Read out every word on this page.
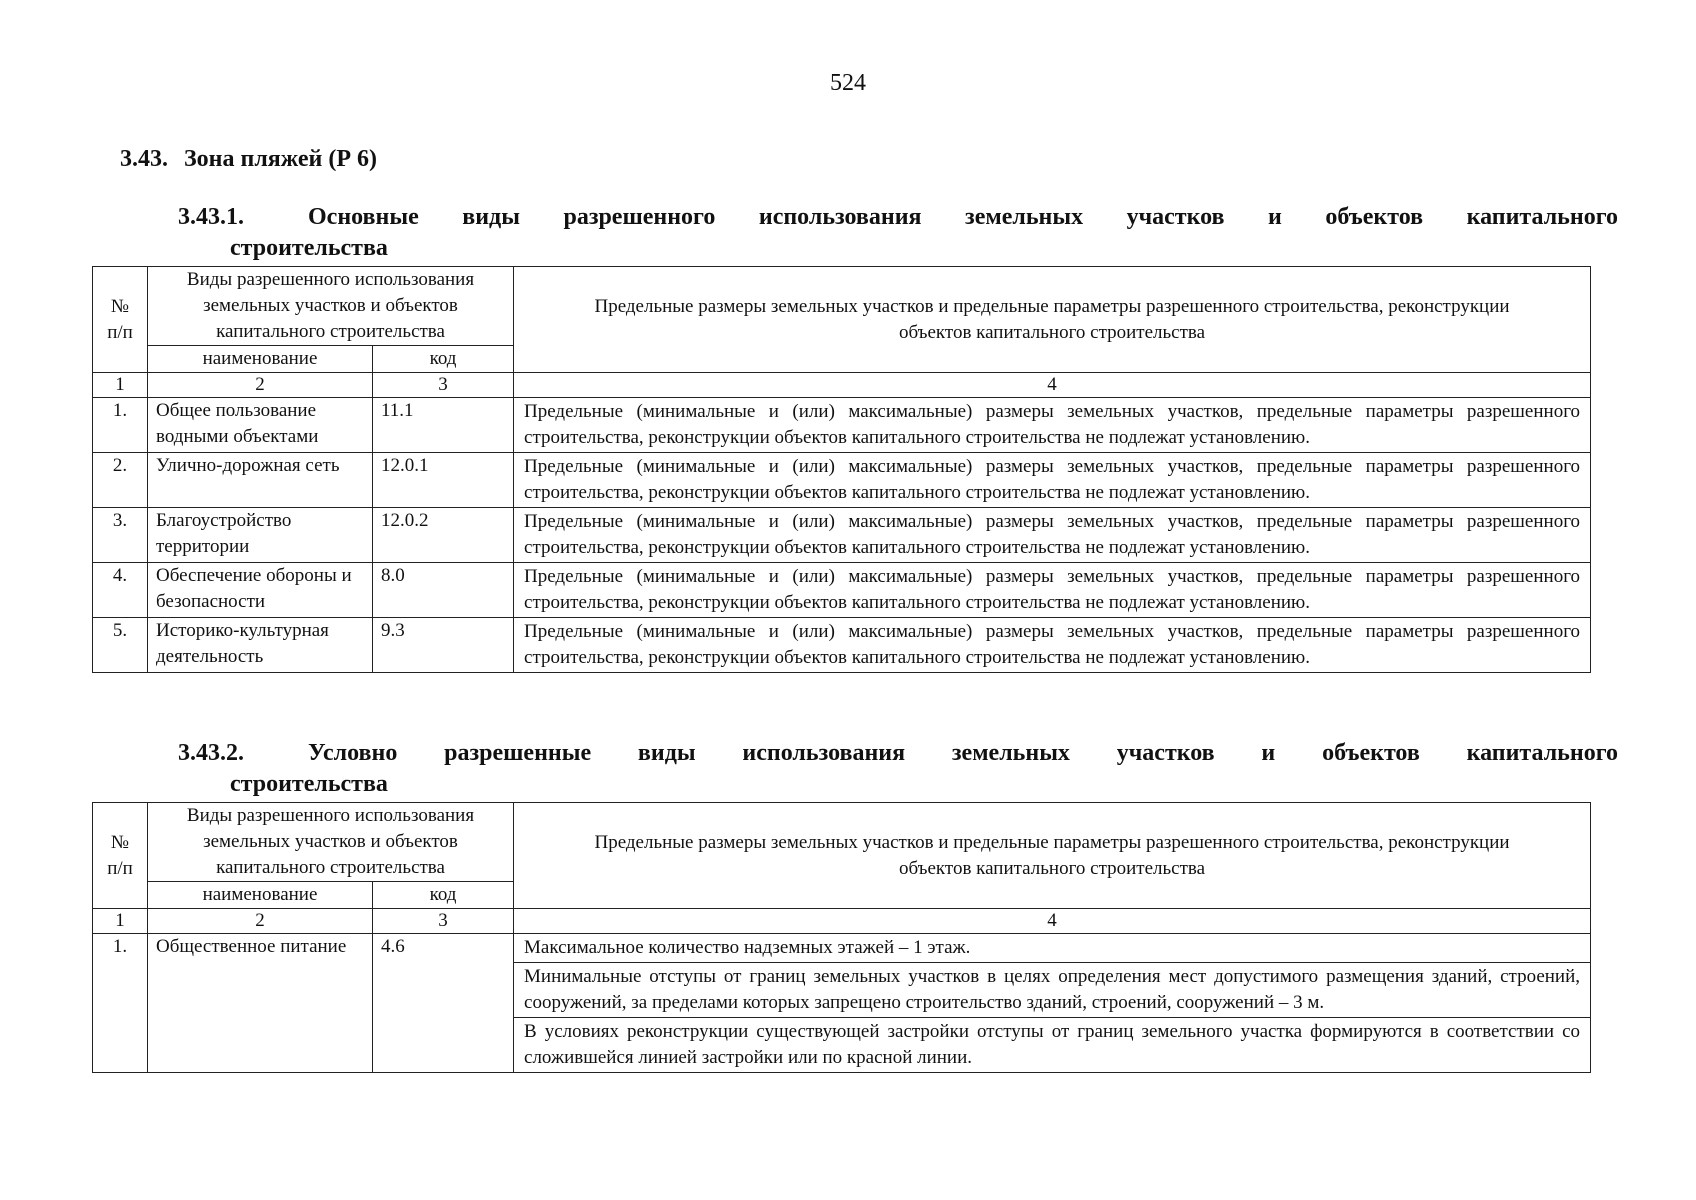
524
3.43. Зона пляжей (Р 6)
3.43.1.	Основные виды разрешенного использования земельных участков и объектов капитального
строительства
№ п/п	Виды разрешенного использования земельных участков и объектов капитального строительства		Предельные размеры земельных участков и предельные параметры разрешенного строительства, реконструкции объектов капитального строительства
	наименование	код	
1	2	3	4
1.	Общее пользование водными объектами	11.1	Предельные (минимальные и (или) максимальные) размеры земельных участков, предельные параметры разрешенного строительства, реконструкции объектов капитального строительства не подлежат установлению.
2.	Улично-дорожная сеть	12.0.1	Предельные (минимальные и (или) максимальные) размеры земельных участков, предельные параметры разрешенного строительства, реконструкции объектов капитального строительства не подлежат установлению.
3.	Благоустройство территории	12.0.2	Предельные (минимальные и (или) максимальные) размеры земельных участков, предельные параметры разрешенного строительства, реконструкции объектов капитального строительства не подлежат установлению.
4.	Обеспечение обороны и безопасности	8.0	Предельные (минимальные и (или) максимальные) размеры земельных участков, предельные параметры разрешенного строительства, реконструкции объектов капитального строительства не подлежат установлению.
5.	Историко-культурная деятельность	9.3	Предельные (минимальные и (или) максимальные) размеры земельных участков, предельные параметры разрешенного строительства, реконструкции объектов капитального строительства не подлежат установлению.
3.43.2.	Условно разрешенные виды использования земельных участков и объектов капитального
строительства
№ п/п	Виды разрешенного использования земельных участков и объектов капитального строительства		Предельные размеры земельных участков и предельные параметры разрешенного строительства, реконструкции объектов капитального строительства
	наименование	код	
1	2	3	4
1.	Общественное питание	4.6	Максимальное количество надземных этажей – 1 этаж.
			Минимальные отступы от границ земельных участков в целях определения мест допустимого размещения зданий, строений, сооружений, за пределами которых запрещено строительство зданий, строений, сооружений – 3 м.
			В условиях реконструкции существующей застройки отступы от границ земельного участка формируются в соответствии со сложившейся линией застройки или по красной линии.
